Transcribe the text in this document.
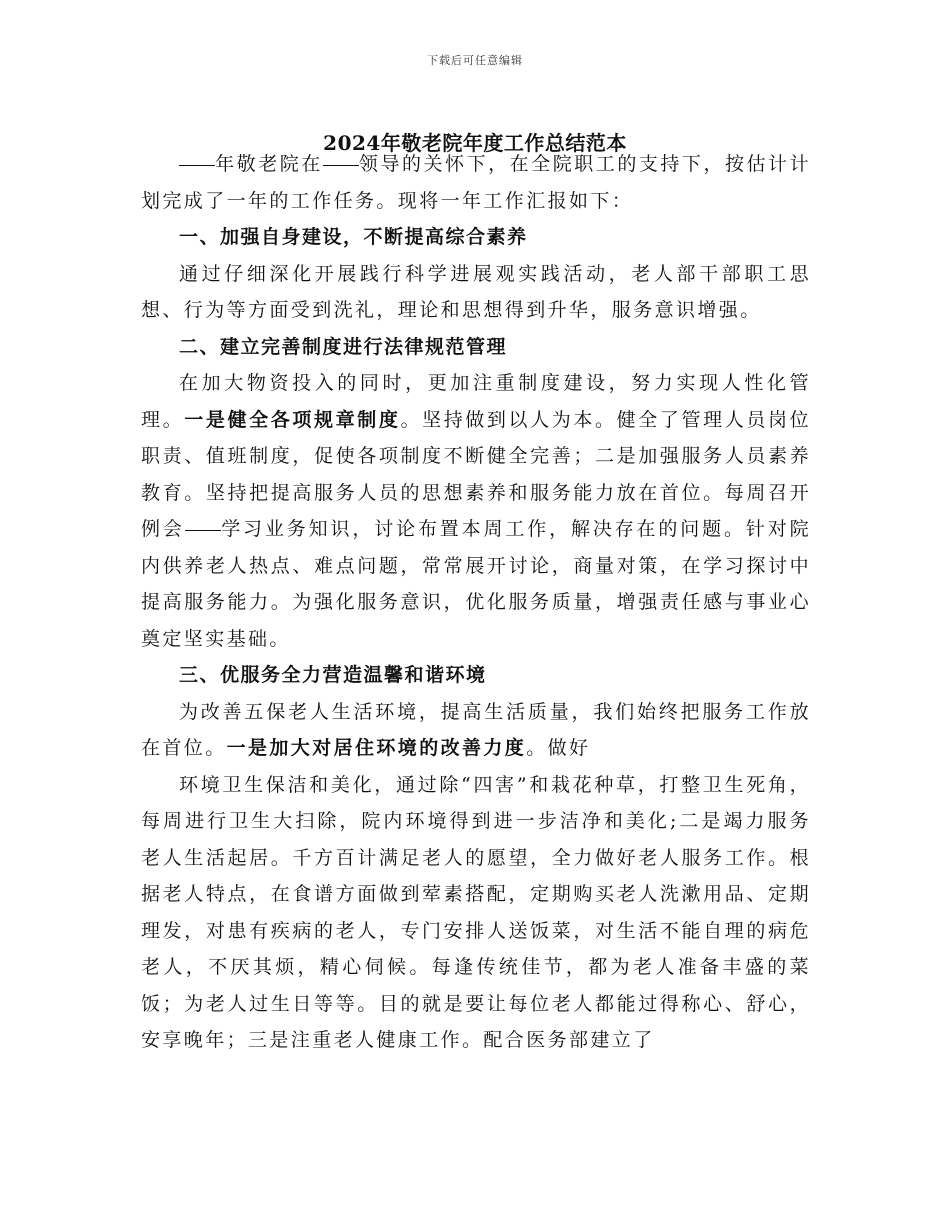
下载后可任意编辑
2024年敬老院年度工作总结范本

年敬老院在 领导的关怀下，在全院职工的支持下，按估计计划完成了一年的工作任务。现将一年工作汇报如下：

一、加强自身建设，不断提高综合素养

通过仔细深化开展践行科学进展观实践活动，老人部干部职工思想、行为等方面受到洗礼，理论和思想得到升华，服务意识增强。

二、建立完善制度进行法律规范管理

在加大物资投入的同时，更加注重制度建设，努力实现人性化管理。一是健全各项规章制度。坚持做到以人为本。健全了管理人员岗位职责、值班制度，促使各项制度不断健全完善；二是加强服务人员素养教育。坚持把提高服务人员的思想素养和服务能力放在首位。每周召开例会 学习业务知识，讨论布置本周工作，解决存在的问题。针对院内供养老人热点、难点问题，常常展开讨论，商量对策，在学习探讨中提高服务能力。为强化服务意识，优化服务质量，增强责任感与事业心奠定坚实基础。

三、优服务全力营造温馨和谐环境

为改善五保老人生活环境，提高生活质量，我们始终把服务工作放在首位。一是加大对居住环境的改善力度。做好

环境卫生保洁和美化，通过除“四害”和栽花种草，打整卫生死角，每周进行卫生大扫除，院内环境得到进一步洁净和美化;二是竭力服务老人生活起居。千方百计满足老人的愿望，全力做好老人服务工作。根据老人特点，在食谱方面做到荤素搭配，定期购买老人洗漱用品、定期理发，对患有疾病的老人，专门安排人送饭菜，对生活不能自理的病危老人，不厌其烦，精心伺候。每逢传统佳节，都为老人准备丰盛的菜饭；为老人过生日等等。目的就是要让每位老人都能过得称心、舒心，安享晚年；三是注重老人健康工作。配合医务部建立了
